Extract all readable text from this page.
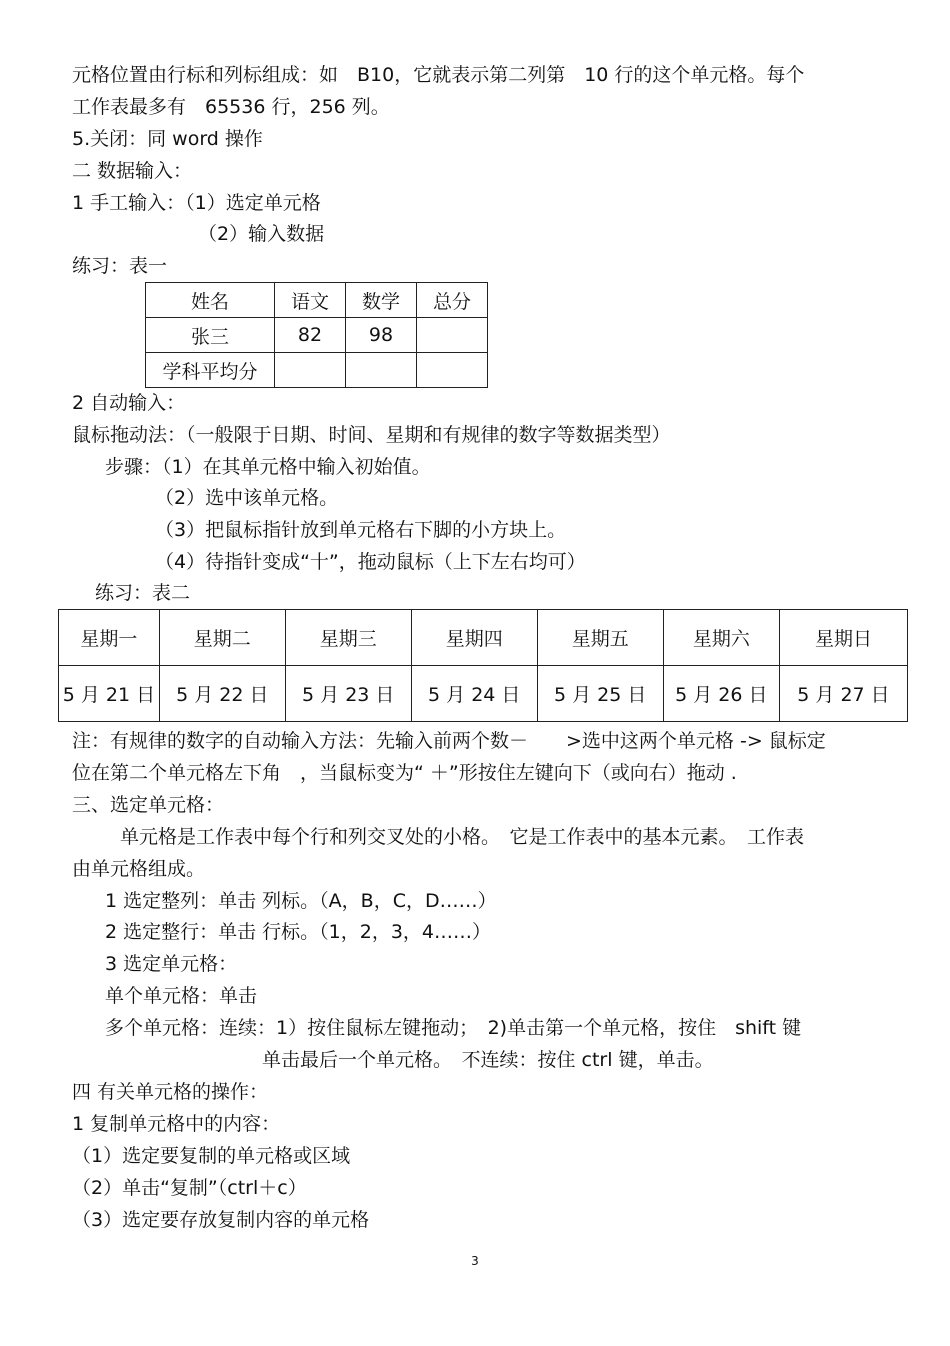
元格位置由行标和列标组成：如　B10，它就表示第二列第　10 行的这个单元格。每个
工作表最多有　65536 行，256 列。
5.关闭：同 word 操作
二 数据输入：
1 手工输入：（1）选定单元格
（2）输入数据
练习：表一
姓名	语文	数学	总分
张三	82	98	
学科平均分			
2 自动输入：
鼠标拖动法：（一般限于日期、时间、星期和有规律的数字等数据类型）
步骤：（1）在其单元格中输入初始值。
（2）选中该单元格。
（3）把鼠标指针放到单元格右下脚的小方块上。
（4）待指针变成“十”，拖动鼠标（上下左右均可）
练习：表二
星期一	星期二	星期三	星期四	星期五	星期六	星期日
5 月 21 日	5 月 22 日	5 月 23 日	5 月 24 日	5 月 25 日	5 月 26 日	5 月 27 日
注：有规律的数字的自动输入方法：先输入前两个数－　　>选中这两个单元格 -> 鼠标定
位在第二个单元格左下角　，当鼠标变为“ ＋”形按住左键向下（或向右）拖动 .
三、选定单元格：
单元格是工作表中每个行和列交叉处的小格。　它是工作表中的基本元素。　工作表
由单元格组成。
1 选定整列：单击 列标。（A，B，C，D……）
2 选定整行：单击 行标。（1，2，3，4……）
3 选定单元格：
单个单元格：单击
多个单元格：连续：1）按住鼠标左键拖动；　2)单击第一个单元格，按住　shift 键
单击最后一个单元格。　不连续：按住 ctrl 键，单击。
四 有关单元格的操作：
1 复制单元格中的内容：
（1）选定要复制的单元格或区域
（2）单击“复制”（ctrl＋c）
（3）选定要存放复制内容的单元格
3
